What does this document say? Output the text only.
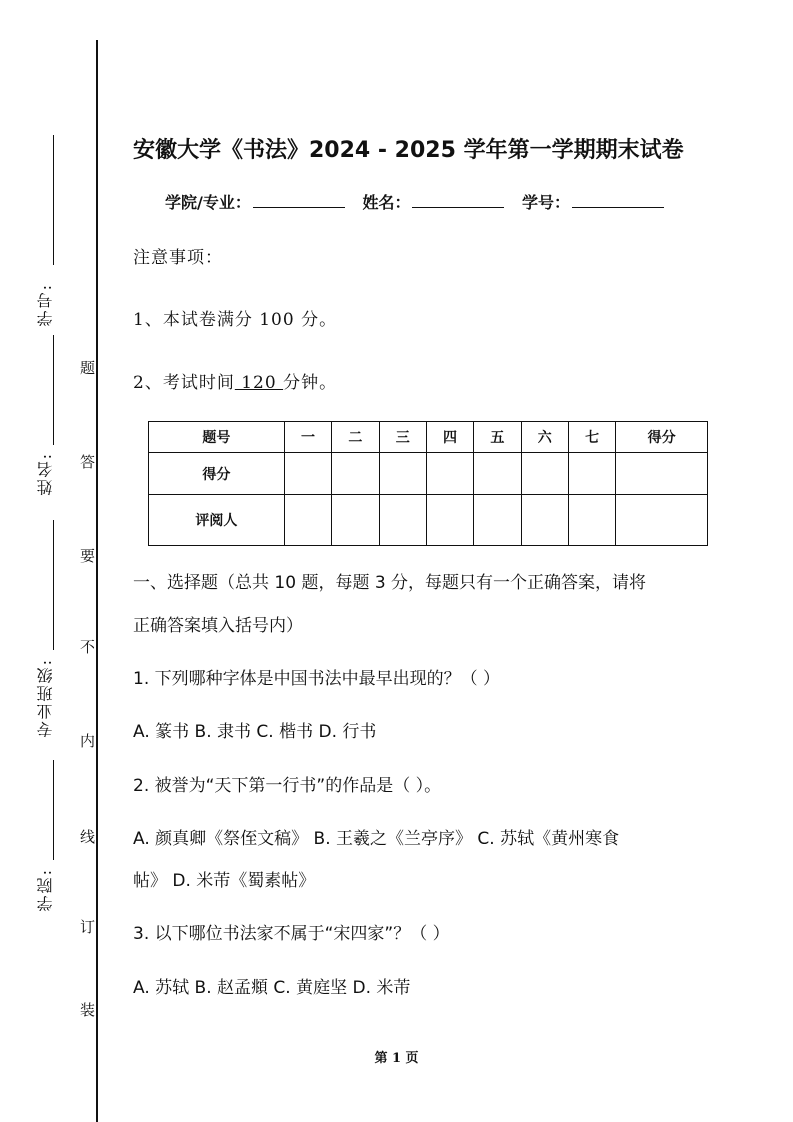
学号:
姓名:
专业班级:
学院:
题
答
要
不
内
线
订
装
安徽大学《书法》2024 - 2025 学年第一学期期末试卷
学院/专业：	姓名：	学号：
注意事项：
1、本试卷满分 100 分。
2、考试时间 120 分钟。
题号	一	二	三	四	五	六	七	得分
得分								
评阅人								
一、选择题（总共 10 题，每题 3 分，每题只有一个正确答案，请将
正确答案填入括号内）
1. 下列哪种字体是中国书法中最早出现的？（ ）
A. 篆书 B. 隶书 C. 楷书 D. 行书
2. 被誉为“天下第一行书”的作品是（ ）。
A. 颜真卿《祭侄文稿》 B. 王羲之《兰亭序》 C. 苏轼《黄州寒食
帖》 D. 米芾《蜀素帖》
3. 以下哪位书法家不属于“宋四家”？（ ）
A. 苏轼 B. 赵孟頫 C. 黄庭坚 D. 米芾
第 1 页
